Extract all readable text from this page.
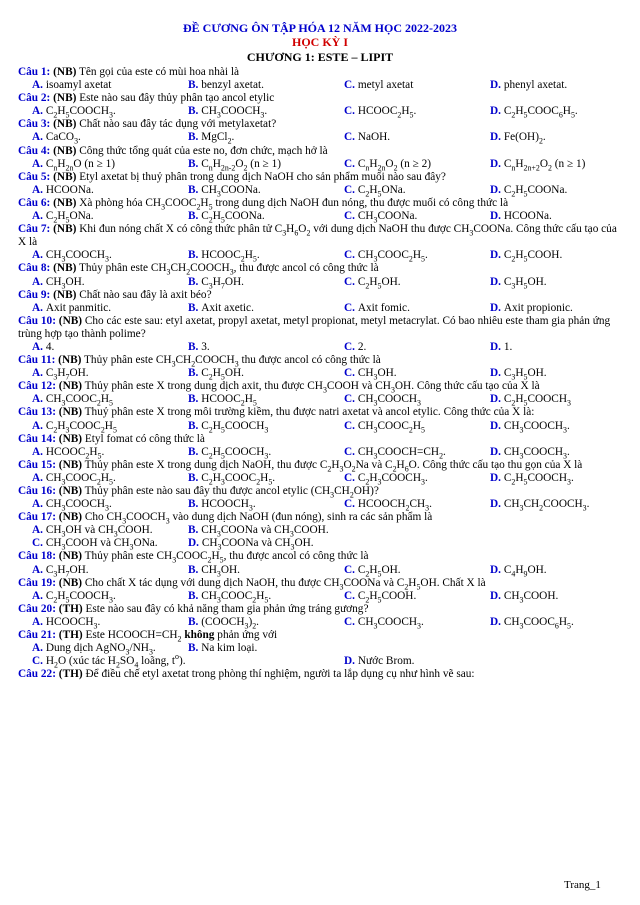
ĐỀ CƯƠNG ÔN TẬP HÓA 12 NĂM HỌC 2022-2023
HỌC KỲ I
CHƯƠNG 1: ESTE – LIPIT
Câu 1: (NB) Tên gọi của este có mùi hoa nhài là
A. isoamyl axetat	B. benzyl axetat.	C. metyl axetat	D. phenyl axetat.
Câu 2: (NB) Este nào sau đây thủy phân tạo ancol etylic
A. $C_2H_5COOCH_3$.	B. $CH_3COOCH_3$.	C. $HCOOC_2H_5$.	D. $C_2H_5COOC_6H_5$.
Câu 3: (NB) Chất nào sau đây tác dụng với metylaxetat?
A. CaCO$_3$.	B. MgCl$_2$.	C. NaOH.	D. $Fe(OH)_2$.
Câu 4: (NB) Công thức tổng quát của este no, đơn chức, mạch hở là
A. $C_nH_{2n}O$ (n ≥ 1)	B. $C_nH_{2n-2}O_2$ (n ≥ 1)	C. $C_nH_{2n}O_2$ (n ≥ 2)	D. $C_nH_{2n+2}O_2$ (n ≥ 1)
Câu 5: (NB) Etyl axetat bị thuỷ phân trong dung dịch NaOH cho sản phẩm muối nào sau đây?
A. HCOONa.	B. $CH_3COONa$.	C. $C_2H_5ONa$.	D. $C_2H_5COONa$.
Câu 6: (NB) Xà phòng hóa $CH_3COOC_2H_5$ trong dung dịch NaOH đun nóng, thu được muối có công thức là
A. $C_2H_5ONa$.	B. $C_2H_5COONa$.	C. $CH_3COONa$.	D. HCOONa.
Câu 7: (NB) Khi đun nóng chất X có công thức phân tử $C_3H_6O_2$ với dung dịch NaOH thu được $CH_3COONa$. Công thức cấu tạo của X là
A. $CH_3COOCH_3$.	B. $HCOOC_2H_5$.	C. $CH_3COOC_2H_5$.	D. $C_2H_5COOH$.
Câu 8: (NB) Thủy phân este $CH_3CH_2COOCH_3$, thu được ancol có công thức là
A. $CH_3OH$.	B. $C_3H_7OH$.	C. $C_2H_5OH$.	D. $C_3H_5OH$.
Câu 9: (NB) Chất nào sau đây là axit béo?
A. Axit panmitic.	B. Axit axetic.	C. Axit fomic.	D. Axit propionic.
Câu 10: (NB) Cho các este sau: etyl axetat, propyl axetat, metyl propionat, metyl metacrylat. Có bao nhiêu este tham gia phản ứng trùng hợp tạo thành polime?
A. 4.	B. 3.	C. 2.	D. 1.
Câu 11: (NB) Thủy phân este $CH_3CH_2COOCH_3$ thu được ancol có công thức là
A. $C_3H_7OH$.	B. $C_2H_5OH$.	C. $CH_3OH$.	D. $C_3H_5OH$.
Câu 12: (NB) Thủy phân este X trong dung dịch axit, thu được $CH_3COOH$ và $CH_3OH$. Công thức cấu tạo của X là
A. $CH_3COOC_2H_5$	B. $HCOOC_2H_5$	C. $CH_3COOCH_3$	D. $C_2H_5COOCH_3$
Câu 13: (NB) Thuỷ phân este X trong môi trường kiềm, thu được natri axetat và ancol etylic. Công thức của X là:
A. $C_2H_3COOC_2H_5$	B. $C_2H_5COOCH_3$	C. $CH_3COOC_2H_5$	D. $CH_3COOCH_3$.
Câu 14: (NB) Etyl fomat có công thức là
A. $HCOOC_2H_5$.	B. $C_2H_5COOCH_3$.	C. $CH_3COOCH=CH_2$.	D. $CH_3COOCH_3$.
Câu 15: (NB) Thủy phân este X trong dung dịch NaOH, thu được $C_2H_3O_2Na$ và $C_2H_6O$. Công thức cấu tạo thu gọn của X là
A. $CH_3COOC_2H_5$.	B. $C_2H_3COOC_2H_5$.	C. $C_2H_3COOCH_3$.	D. $C_2H_5COOCH_3$.
Câu 16: (NB) Thủy phân este nào sau đây thu được ancol etylic $(CH_3CH_2OH)$?
A. $CH_3COOCH_3$.	B. $HCOOCH_3$.	C. $HCOOCH_2CH_3$.	D. $CH_3CH_2COOCH_3$.
Câu 17: (NB) Cho $CH_3COOCH_3$ vào dung dịch NaOH (đun nóng), sinh ra các sản phẩm là
A. $CH_3OH$ và $CH_3COOH$.	B. $CH_3COONa$ và $CH_3COOH$.
C. $CH_3COOH$ và $CH_3ONa$.	D. $CH_3COONa$ và $CH_3OH$.
Câu 18: (NB) Thủy phân este $CH_3COOC_2H_5$, thu được ancol có công thức là
A. $C_3H_7OH$.	B. $CH_3OH$.	C. $C_2H_5OH$.	D. $C_4H_9OH$.
Câu 19: (NB) Cho chất X tác dụng với dung dịch NaOH, thu được $CH_3COONa$ và $C_2H_5OH$. Chất X là
A. $C_2H_5COOCH_3$.	B. $CH_3COOC_2H_5$.	C. $C_2H_5COOH$.	D. $CH_3COOH$.
Câu 20: (TH) Este nào sau đây có khả năng tham gia phản ứng tráng gương?
A. $HCOOCH_3$.	B. $(COOCH_3)_2$.	C. $CH_3COOCH_3$.	D. $CH_3COOC_6H_5$.
Câu 21: (TH) Este $HCOOCH=CH_2$ không phản ứng với
A. Dung dịch $AgNO_3/NH_3$.	B. Na kim loại.
C. $H_2O$ (xúc tác $H_2SO_4$ loãng, $t^o$).	D. Nước Brom.
Câu 22: (TH) Để điều chế etyl axetat trong phòng thí nghiệm, người ta lắp dụng cụ như hình vẽ sau:
Trang_1
